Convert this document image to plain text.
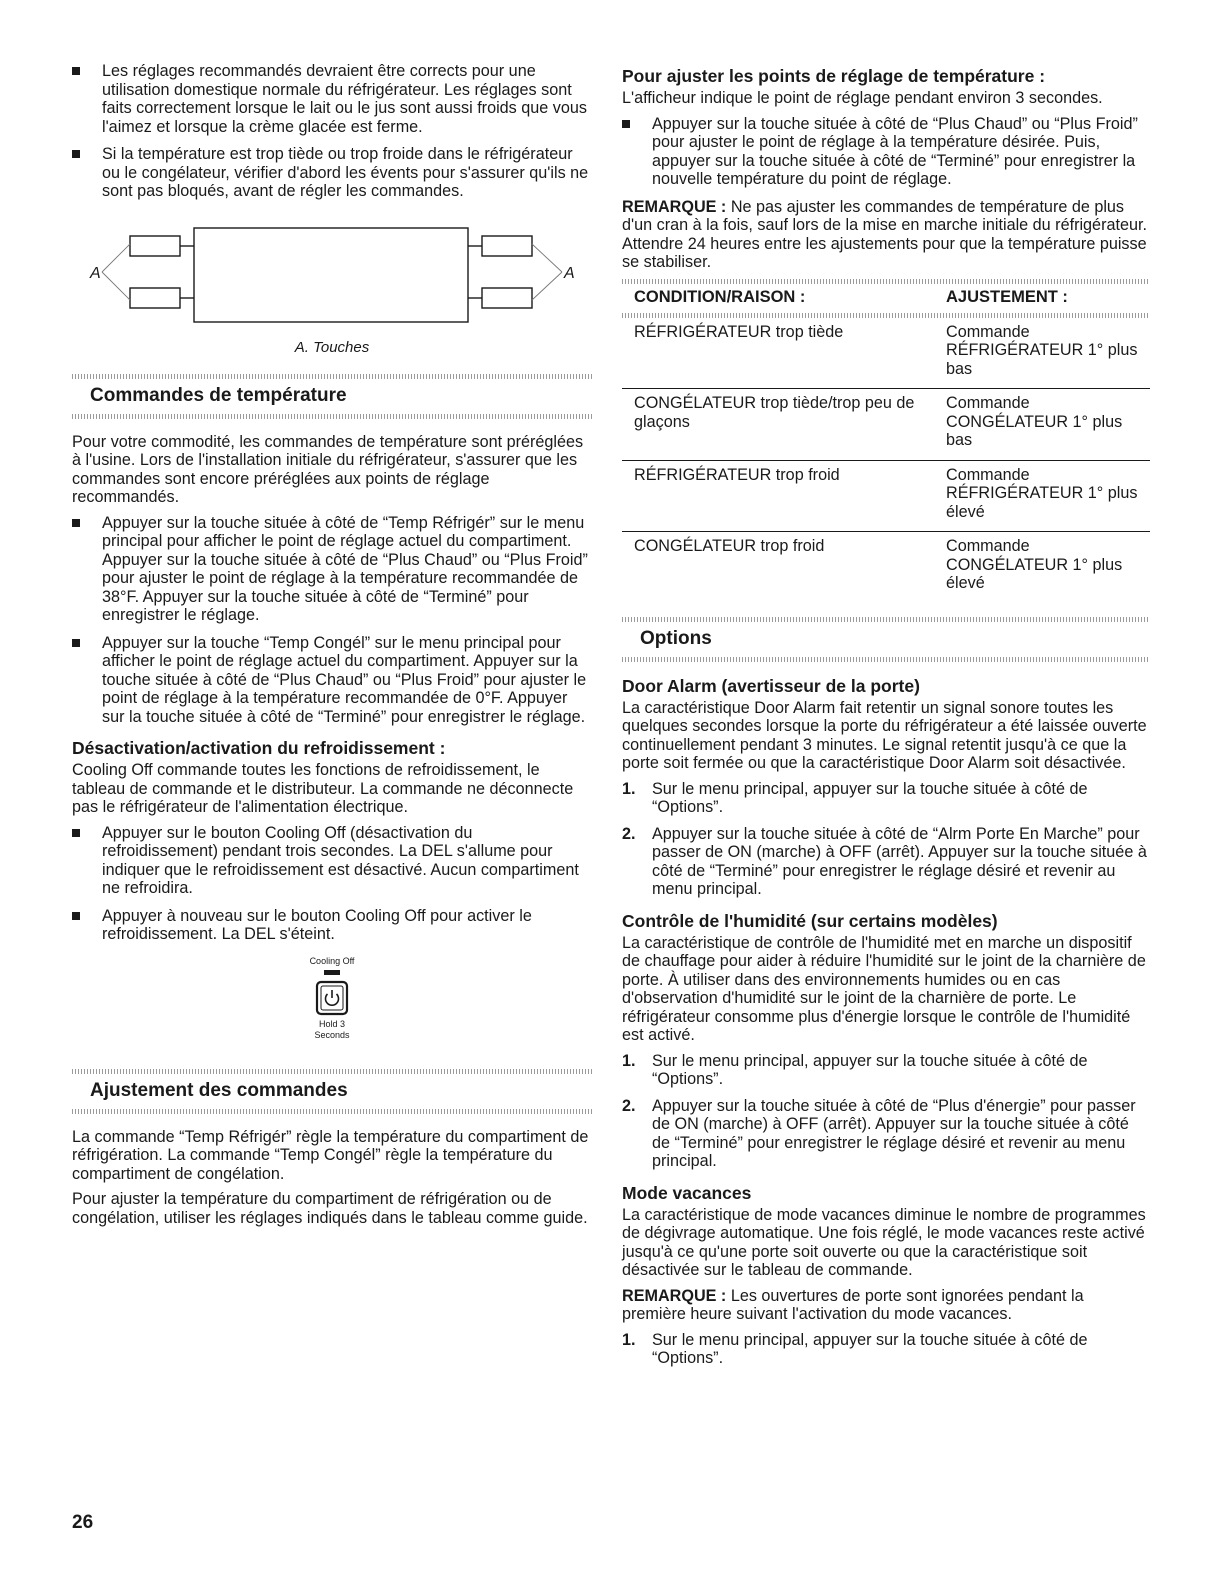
Les réglages recommandés devraient être corrects pour une utilisation domestique normale du réfrigérateur. Les réglages sont faits correctement lorsque le lait ou le jus sont aussi froids que vous l'aimez et lorsque la crème glacée est ferme.
Si la température est trop tiède ou trop froide dans le réfrigérateur ou le congélateur, vérifier d'abord les évents pour s'assurer qu'ils ne sont pas bloqués, avant de régler les commandes.
A	A
A. Touches
Commandes de température

Pour votre commodité, les commandes de température sont préréglées à l'usine. Lors de l'installation initiale du réfrigérateur, s'assurer que les commandes sont encore préréglées aux points de réglage recommandés.

Appuyer sur la touche située à côté de “Temp Réfrigér” sur le menu principal pour afficher le point de réglage actuel du compartiment. Appuyer sur la touche située à côté de “Plus Chaud” ou “Plus Froid” pour ajuster le point de réglage à la température recommandée de 38°F. Appuyer sur la touche située à côté de “Terminé” pour enregistrer le réglage.
Appuyer sur la touche “Temp Congél” sur le menu principal pour afficher le point de réglage actuel du compartiment. Appuyer sur la touche située à côté de “Plus Chaud” ou “Plus Froid” pour ajuster le point de réglage à la température recommandée de 0°F. Appuyer sur la touche située à côté de “Terminé” pour enregistrer le réglage.
Désactivation/activation du refroidissement :

Cooling Off commande toutes les fonctions de refroidissement, le tableau de commande et le distributeur. La commande ne déconnecte pas le réfrigérateur de l'alimentation électrique.

Appuyer sur le bouton Cooling Off (désactivation du refroidissement) pendant trois secondes. La DEL s'allume pour indiquer que le refroidissement est désactivé. Aucun compartiment ne refroidira.
Appuyer à nouveau sur le bouton Cooling Off pour activer le refroidissement. La DEL s'éteint.
Cooling Off
Hold 3
Seconds
Ajustement des commandes

La commande “Temp Réfrigér” règle la température du compartiment de réfrigération. La commande “Temp Congél” règle la température du compartiment de congélation.

Pour ajuster la température du compartiment de réfrigération ou de congélation, utiliser les réglages indiqués dans le tableau comme guide.

Pour ajuster les points de réglage de température :

L'afficheur indique le point de réglage pendant environ 3 secondes.

Appuyer sur la touche située à côté de “Plus Chaud” ou “Plus Froid” pour ajuster le point de réglage à la température désirée. Puis, appuyer sur la touche située à côté de “Terminé” pour enregistrer la nouvelle température du point de réglage.

REMARQUE : Ne pas ajuster les commandes de température de plus d'un cran à la fois, sauf lors de la mise en marche initiale du réfrigérateur. Attendre 24 heures entre les ajustements pour que la température puisse se stabiliser.

CONDITION/RAISON :	AJUSTEMENT :

RÉFRIGÉRATEUR trop tiède	Commande RÉFRIGÉRATEUR 1° plus bas
CONGÉLATEUR trop tiède/trop peu de glaçons	Commande CONGÉLATEUR 1° plus bas
RÉFRIGÉRATEUR trop froid	Commande RÉFRIGÉRATEUR 1° plus élevé
CONGÉLATEUR trop froid	Commande CONGÉLATEUR 1° plus élevé
Options
Door Alarm (avertisseur de la porte)

La caractéristique Door Alarm fait retentir un signal sonore toutes les quelques secondes lorsque la porte du réfrigérateur a été laissée ouverte continuellement pendant 3 minutes. Le signal retentit jusqu'à ce que la porte soit fermée ou que la caractéristique Door Alarm soit désactivée.

1. Sur le menu principal, appuyer sur la touche située à côté de “Options”.
2. Appuyer sur la touche située à côté de “Alrm Porte En Marche” pour passer de ON (marche) à OFF (arrêt). Appuyer sur la touche située à côté de “Terminé” pour enregistrer le réglage désiré et revenir au menu principal.
Contrôle de l'humidité (sur certains modèles)

La caractéristique de contrôle de l'humidité met en marche un dispositif de chauffage pour aider à réduire l'humidité sur le joint de la charnière de porte. À utiliser dans des environnements humides ou en cas d'observation d'humidité sur le joint de la charnière de porte. Le réfrigérateur consomme plus d'énergie lorsque le contrôle de l'humidité est activé.

1. Sur le menu principal, appuyer sur la touche située à côté de “Options”.
2. Appuyer sur la touche située à côté de “Plus d'énergie” pour passer de ON (marche) à OFF (arrêt). Appuyer sur la touche située à côté de “Terminé” pour enregistrer le réglage désiré et revenir au menu principal.
Mode vacances

La caractéristique de mode vacances diminue le nombre de programmes de dégivrage automatique. Une fois réglé, le mode vacances reste activé jusqu'à ce qu'une porte soit ouverte ou que la caractéristique soit désactivée sur le tableau de commande.

REMARQUE : Les ouvertures de porte sont ignorées pendant la première heure suivant l'activation du mode vacances.

1. Sur le menu principal, appuyer sur la touche située à côté de “Options”.
26
